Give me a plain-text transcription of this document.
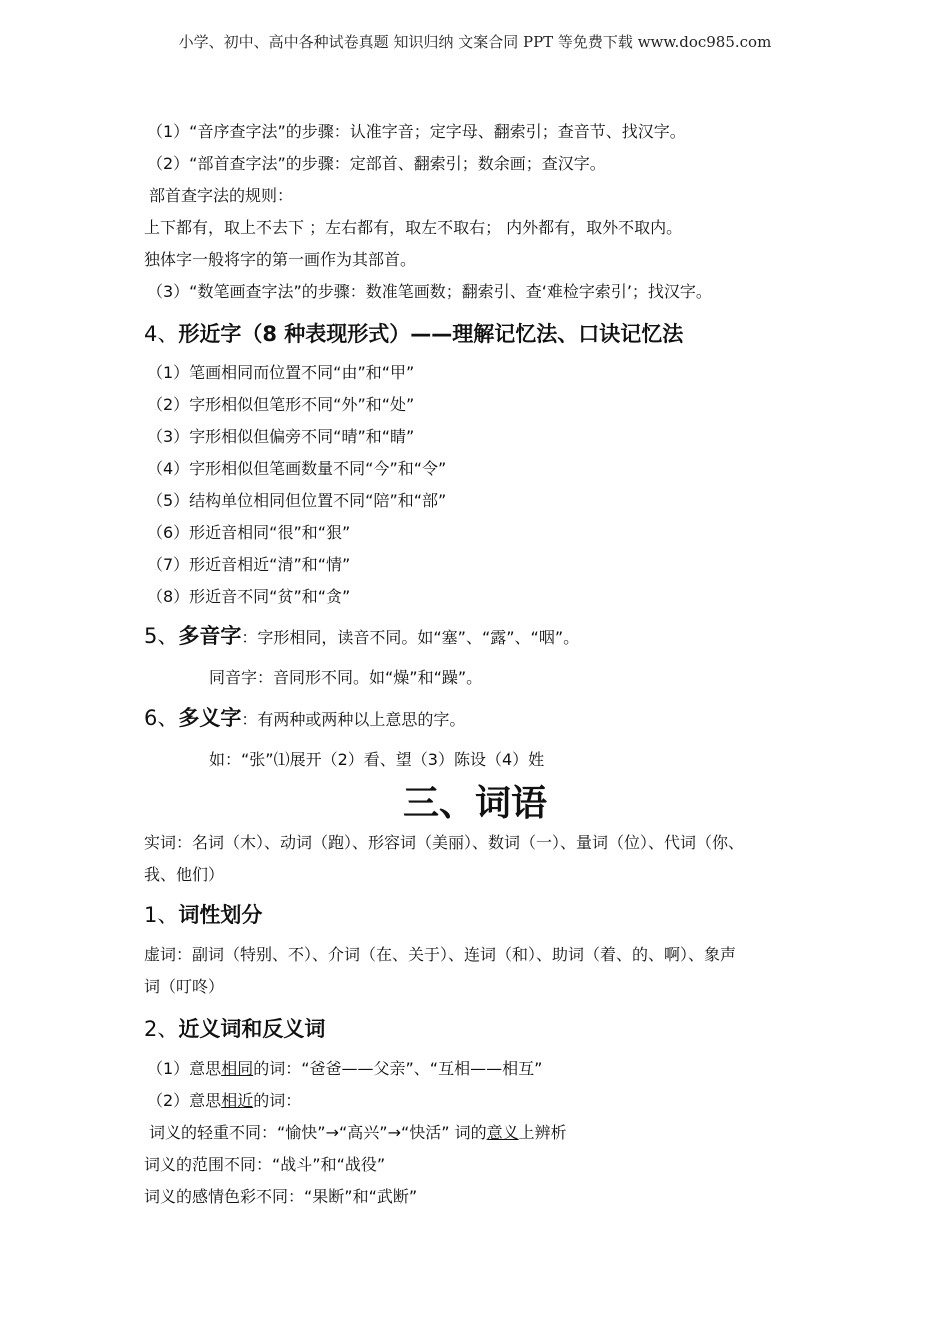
小学、初中、高中各种试卷真题 知识归纳 文案合同 PPT 等免费下载 www.doc985.com
（1）“音序查字法”的步骤：认准字音；定字母、翻索引；查音节、找汉字。
（2）“部首查字法”的步骤：定部首、翻索引；数余画；查汉字。
部首查字法的规则：
上下都有，取上不去下 ；左右都有，取左不取右； 内外都有，取外不取内。
独体字一般将字的第一画作为其部首。
（3）“数笔画查字法”的步骤：数准笔画数；翻索引、查‘难检字索引’；找汉字。
4、形近字（8 种表现形式）——理解记忆法、口诀记忆法
（1）笔画相同而位置不同“由”和“甲”
（2）字形相似但笔形不同“外”和“处”
（3）字形相似但偏旁不同“晴”和“睛”
（4）字形相似但笔画数量不同“今”和“令”
（5）结构单位相同但位置不同“陪”和“部”
（6）形近音相同“很”和“狠”
（7）形近音相近“清”和“情”
（8）形近音不同“贫”和“贪”
5、多音字：字形相同，读音不同。如“塞”、“露”、“咽”。
同音字：音同形不同。如“燥”和“躁”。
6、多义字：有两种或两种以上意思的字。
如：“张”⑴展开（2）看、望（3）陈设（4）姓
三、词语
实词：名词（木）、动词（跑）、形容词（美丽）、数词（一）、量词（位）、代词（你、
我、他们）
1、词性划分
虚词：副词（特别、不）、介词（在、关于）、连词（和）、助词（着、的、啊）、象声
词（叮咚）
2、近义词和反义词
（1）意思相同的词：“爸爸——父亲”、“互相——相互”
（2）意思相近的词：
词义的轻重不同：“愉快”→“高兴”→“快活” 词的意义上辨析
词义的范围不同：“战斗”和“战役”
词义的感情色彩不同：“果断”和“武断”
